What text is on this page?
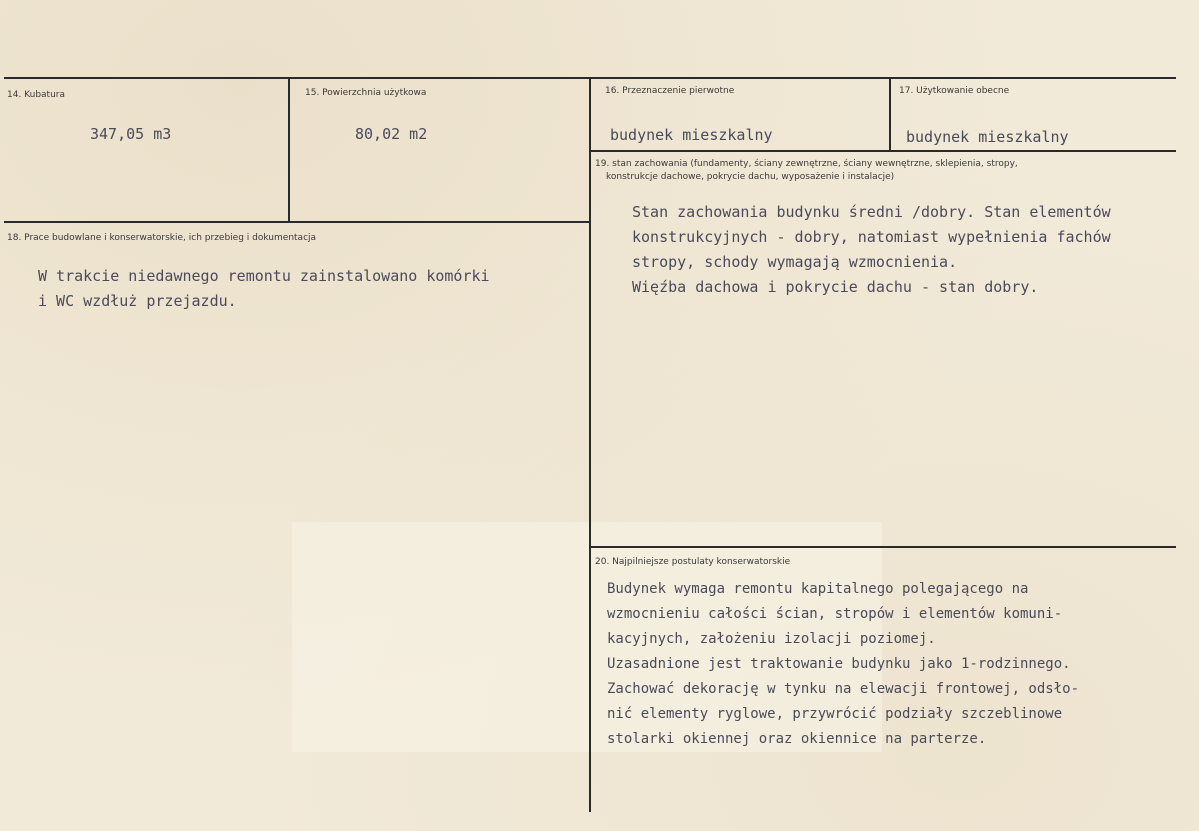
14. Kubatura
347,05 m3
15. Powierzchnia użytkowa
80,02 m2
16. Przeznaczenie pierwotne
budynek mieszkalny
17. Użytkowanie obecne
budynek mieszkalny
18. Prace budowlane i konserwatorskie, ich przebieg i dokumentacja
W trakcie niedawnego remontu zainstalowano komórki
i WC wzdłuż przejazdu.
19. stan zachowania (fundamenty, ściany zewnętrzne, ściany wewnętrzne, sklepienia, stropy,
konstrukcje dachowe, pokrycie dachu, wyposażenie i instalacje)
Stan zachowania budynku średni /dobry. Stan elementów
konstrukcyjnych - dobry, natomiast wypełnienia fachów
stropy, schody wymagają wzmocnienia.
Więźba dachowa i pokrycie dachu - stan dobry.
20. Najpilniejsze postulaty konserwatorskie
Budynek wymaga remontu kapitalnego polegającego na
wzmocnieniu całości ścian, stropów i elementów komuni-
kacyjnych, założeniu izolacji poziomej.
Uzasadnione jest traktowanie budynku jako 1-rodzinnego.
Zachować dekorację w tynku na elewacji frontowej, odsło-
nić elementy ryglowe, przywrócić podziały szczeblinowe
stolarki okiennej oraz okiennice na parterze.
